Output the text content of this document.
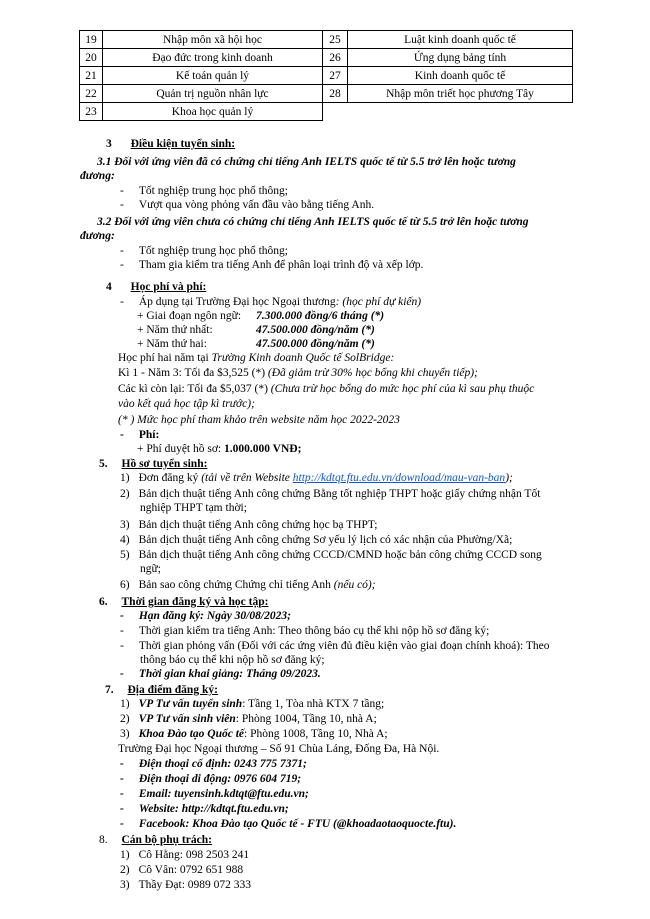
19	Nhập môn xã hội học	25	Luật kinh doanh quốc tế
20	Đạo đức trong kinh doanh	26	Ứng dụng bảng tính
21	Kế toán quản lý	27	Kinh doanh quốc tế
22	Quản trị nguồn nhân lực	28	Nhập môn triết học phương Tây
23	Khoa học quản lý		
3 Điều kiện tuyển sinh:
3.1 Đối với ứng viên đã có chứng chỉ tiếng Anh IELTS quốc tế từ 5.5 trở lên hoặc tương
đương:
- Tốt nghiệp trung học phổ thông;
- Vượt qua vòng phỏng vấn đầu vào bằng tiếng Anh.
3.2 Đối với ứng viên chưa có chứng chỉ tiếng Anh IELTS quốc tế từ 5.5 trở lên hoặc tương
đương:
- Tốt nghiệp trung học phổ thông;
- Tham gia kiểm tra tiếng Anh để phân loại trình độ và xếp lớp.
4 Học phí và phí:
- Áp dụng tại Trường Đại học Ngoại thương: (học phí dự kiến)
+ Giai đoạn ngôn ngữ: 7.300.000 đồng/6 tháng (*)
+ Năm thứ nhất:	47.500.000 đồng/năm (*)
+ Năm thứ hai:	47.500.000 đồng/năm (*)
Học phí hai năm tại Trường Kinh doanh Quốc tế SolBridge:
Kì 1 - Năm 3: Tối đa $3,525 (*) (Đã giảm trừ 30% học bổng khi chuyển tiếp);
Các kì còn lại: Tối đa $5,037 (*) (Chưa trừ học bổng do mức học phí của kì sau phụ thuộc
vào kết quả học tập kì trước);
(* ) Mức học phí tham khảo trên website năm học 2022-2023
- Phí:
+ Phí duyệt hồ sơ: 1.000.000 VNĐ;
5. Hồ sơ tuyển sinh:
1) Đơn đăng ký (tải về trên Website http://kdtqt.ftu.edu.vn/download/mau-van-ban);
2) Bản dịch thuật tiếng Anh công chứng Bằng tốt nghiệp THPT hoặc giấy chứng nhận Tốt
nghiệp THPT tạm thời;
3) Bản dịch thuật tiếng Anh công chứng học bạ THPT;
4) Bản dịch thuật tiếng Anh công chứng Sơ yếu lý lịch có xác nhận của Phường/Xã;
5) Bản dịch thuật tiếng Anh công chứng CCCD/CMND hoặc bản công chứng CCCD song
ngữ;
6) Bản sao công chứng Chứng chỉ tiếng Anh (nếu có);
6. Thời gian đăng ký và học tập:
- Hạn đăng ký: Ngày 30/08/2023;
- Thời gian kiểm tra tiếng Anh: Theo thông báo cụ thể khi nộp hồ sơ đăng ký;
- Thời gian phỏng vấn (Đối với các ứng viên đủ điều kiện vào giai đoạn chính khoá): Theo
thông báo cụ thể khi nộp hồ sơ đăng ký;
- Thời gian khai giảng: Tháng 09/2023.
7. Địa điểm đăng ký:
1) VP Tư vấn tuyển sinh: Tầng 1, Tòa nhà KTX 7 tầng;
2) VP Tư vấn sinh viên: Phòng 1004, Tầng 10, nhà A;
3) Khoa Đào tạo Quốc tế: Phòng 1008, Tầng 10, Nhà A;
Trường Đại học Ngoại thương – Số 91 Chùa Láng, Đống Đa, Hà Nội.
- Điện thoại cố định: 0243 775 7371;
- Điện thoại di động: 0976 604 719;
- Email: tuyensinh.kdtqt@ftu.edu.vn;
- Website: http://kdtqt.ftu.edu.vn;
- Facebook: Khoa Đào tạo Quốc tế - FTU (@khoadaotaoquocte.ftu).
8. Cán bộ phụ trách:
1) Cô Hằng: 098 2503 241
2) Cô Vân: 0792 651 988
3) Thầy Đạt: 0989 072 333
